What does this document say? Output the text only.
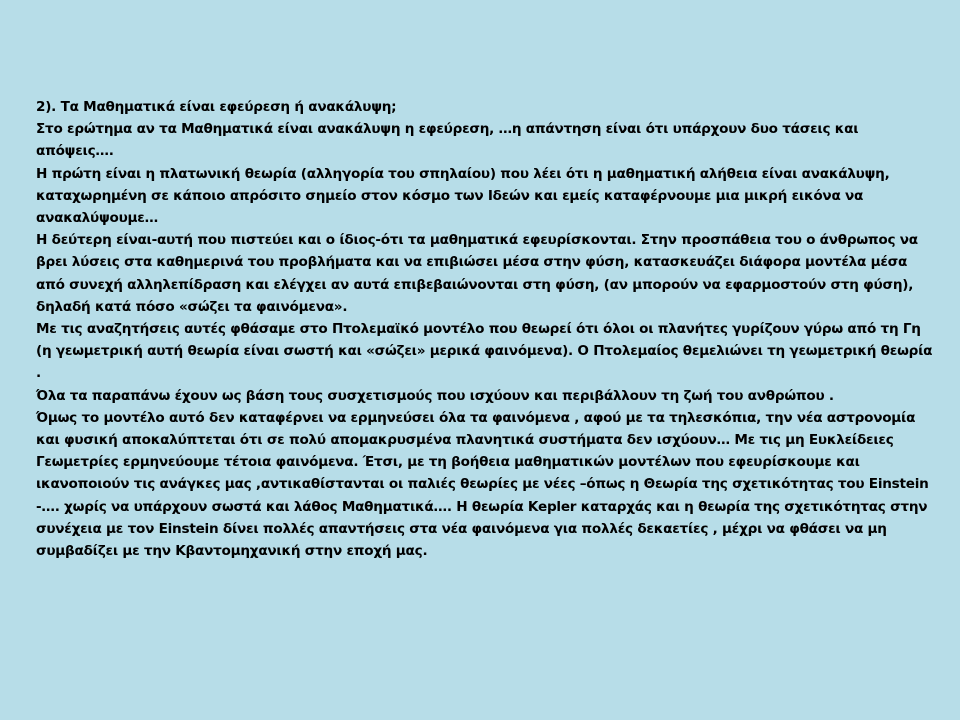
2). Τα Μαθηματικά είναι εφεύρεση ή ανακάλυψη;

Στο ερώτημα αν τα Μαθηματικά είναι ανακάλυψη η εφεύρεση, …η απάντηση είναι ότι υπάρχουν δυο τάσεις και απόψεις….

Η πρώτη είναι η πλατωνική θεωρία (αλληγορία του σπηλαίου) που λέει ότι η μαθηματική αλήθεια είναι ανακάλυψη, καταχωρημένη σε κάποιο απρόσιτο σημείο στον κόσμο των Ιδεών και εμείς καταφέρνουμε μια μικρή εικόνα να ανακαλύψουμε…

Η δεύτερη είναι-αυτή που πιστεύει και ο ίδιος-ότι τα μαθηματικά εφευρίσκονται. Στην προσπάθεια του ο άνθρωπος να βρει λύσεις στα καθημερινά του προβλήματα και να επιβιώσει μέσα στην φύση, κατασκευάζει διάφορα μοντέλα μέσα από συνεχή αλληλεπίδραση και ελέγχει αν αυτά επιβεβαιώνονται στη φύση, (αν μπορούν να εφαρμοστούν στη φύση), δηλαδή κατά πόσο «σώζει τα φαινόμενα».

Με τις αναζητήσεις αυτές φθάσαμε στο Πτολεμαϊκό μοντέλο που θεωρεί ότι όλοι οι πλανήτες γυρίζουν γύρω από τη Γη (η γεωμετρική αυτή θεωρία είναι σωστή και «σώζει» μερικά φαινόμενα). Ο Πτολεμαίος θεμελιώνει τη γεωμετρική θεωρία .

Όλα τα παραπάνω έχουν ως βάση τους συσχετισμούς που ισχύουν και περιβάλλουν τη ζωή του ανθρώπου .

Όμως το μοντέλο αυτό δεν καταφέρνει να ερμηνεύσει όλα τα φαινόμενα , αφού με τα τηλεσκόπια, την νέα αστρονομία και φυσική αποκαλύπτεται ότι σε πολύ απομακρυσμένα πλανητικά συστήματα δεν ισχύουν… Με τις μη Ευκλείδειες Γεωμετρίες ερμηνεύουμε τέτοια φαινόμενα. Έτσι, με τη βοήθεια μαθηματικών μοντέλων που εφευρίσκουμε και ικανοποιούν τις ανάγκες μας ,αντικαθίστανται οι παλιές θεωρίες με νέες –όπως η Θεωρία της σχετικότητας του Einstein -…. χωρίς να υπάρχουν σωστά και λάθος Μαθηματικά…. Η θεωρία Kepler καταρχάς και η θεωρία της σχετικότητας στην συνέχεια με τον Einstein δίνει πολλές απαντήσεις στα νέα φαινόμενα για πολλές δεκαετίες , μέχρι να φθάσει να μη συμβαδίζει με την Κβαντομηχανική στην εποχή μας.
